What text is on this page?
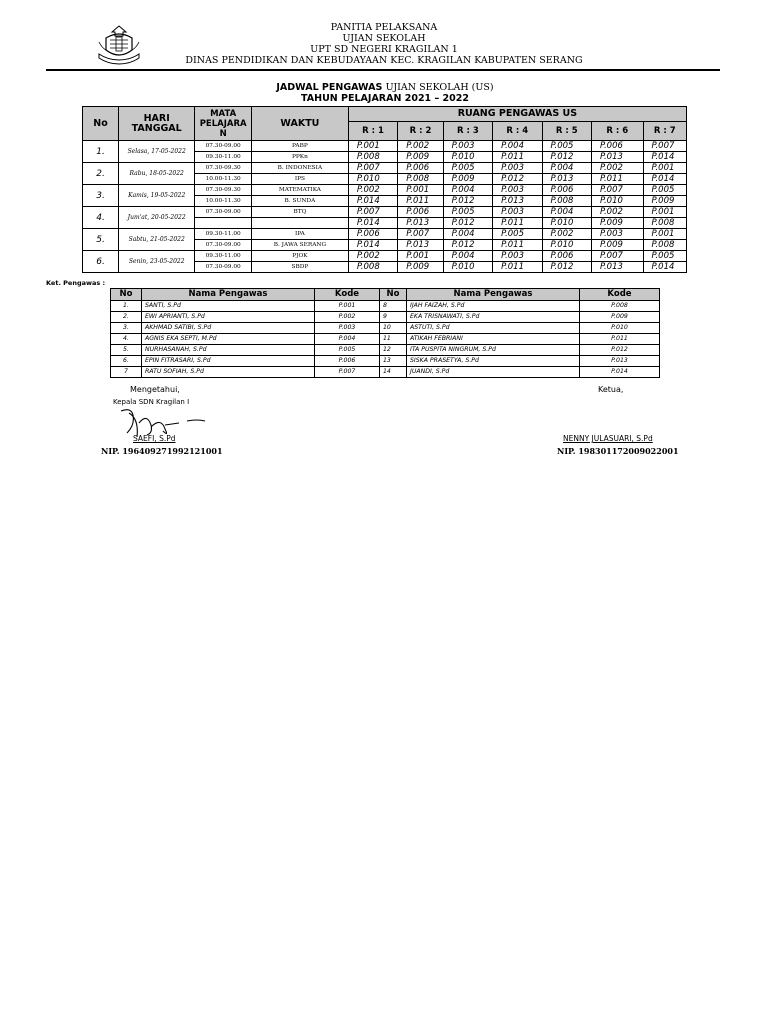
PANITIA PELAKSANA
UJIAN SEKOLAH
UPT SD NEGERI KRAGILAN 1
DINAS PENDIDIKAN DAN KEBUDAYAAN KEC. KRAGILAN KABUPATEN SERANG
JADWAL PENGAWAS UJIAN SEKOLAH (US)
TAHUN PELAJARAN 2021 – 2022
No	HARI TANGGAL	MATA PELAJARA N	WAKTU	RUANG PENGAWAS US						
				R : 1	R : 2	R : 3	R : 4	R : 5	R : 6	R : 7
1.	Selasa, 17-05-2022	07.30-09.00	PABP	P.001	P.002	P.003	P.004	P.005	P.006	P.007
		09.30-11.00	PPKn	P.008	P.009	P.010	P.011	P.012	P.013	P.014
2.	Rabu, 18-05-2022	07.30-09.30	B. INDONESIA	P.007	P.006	P.005	P.003	P.004	P.002	P.001
		10.00-11.30	IPS	P.010	P.008	P.009	P.012	P.013	P.011	P.014
3.	Kamis, 19-05-2022	07.30-09.30	MATEMATIKA	P.002	P.001	P.004	P.003	P.006	P.007	P.005
		10.00-11.30	B. SUNDA	P.014	P.011	P.012	P.013	P.008	P.010	P.009
4.	Jum'at, 20-05-2022	07.30-09.00	BTQ	P.007	P.006	P.005	P.003	P.004	P.002	P.001
				P.014	P.013	P.012	P.011	P.010	P.009	P.008
5.	Sabtu, 21-05-2022	09.30-11.00	IPA	P.006	P.007	P.004	P.005	P.002	P.003	P.001
		07.30-09.00	B. JAWA SERANG	P.014	P.013	P.012	P.011	P.010	P.009	P.008
6.	Senin, 23-05-2022	09.30-11.00	PJOK	P.002	P.001	P.004	P.003	P.006	P.007	P.005
		07.30-09.00	SBDP	P.008	P.009	P.010	P.011	P.012	P.013	P.014
Ket. Pengawas :
No	Nama Pengawas	Kode	No	Nama Pengawas	Kode
1.	SANTI, S.Pd	P.001	8	IJAH FAIZAH, S.Pd	P.008
2.	EWI APRIANTI, S.Pd	P.002	9	EKA TRISNAWATI, S.Pd	P.009
3.	AKHMAD SATIBI, S.Pd	P.003	10	ASTUTI, S.Pd	P.010
4.	AGNIS EKA SEPTI, M.Pd	P.004	11	ATIKAH FEBRIANI	P.011
5.	NURHASANAH, S.Pd	P.005	12	ITA PUSPITA NINGRUM, S.Pd	P.012
6.	EPIN FITRASARI, S.Pd	P.006	13	SISKA PRASETYA, S.Pd	P.013
7	RATU SOFIAH, S.Pd	P.007	14	JUANDI, S.Pd	P.014
Mengetahui,
Kepala SDN Kragilan I
SAEFI, S.Pd
NIP. 196409271992121001
Ketua,
NENNY JULASUARI, S.Pd
NIP. 198301172009022001
